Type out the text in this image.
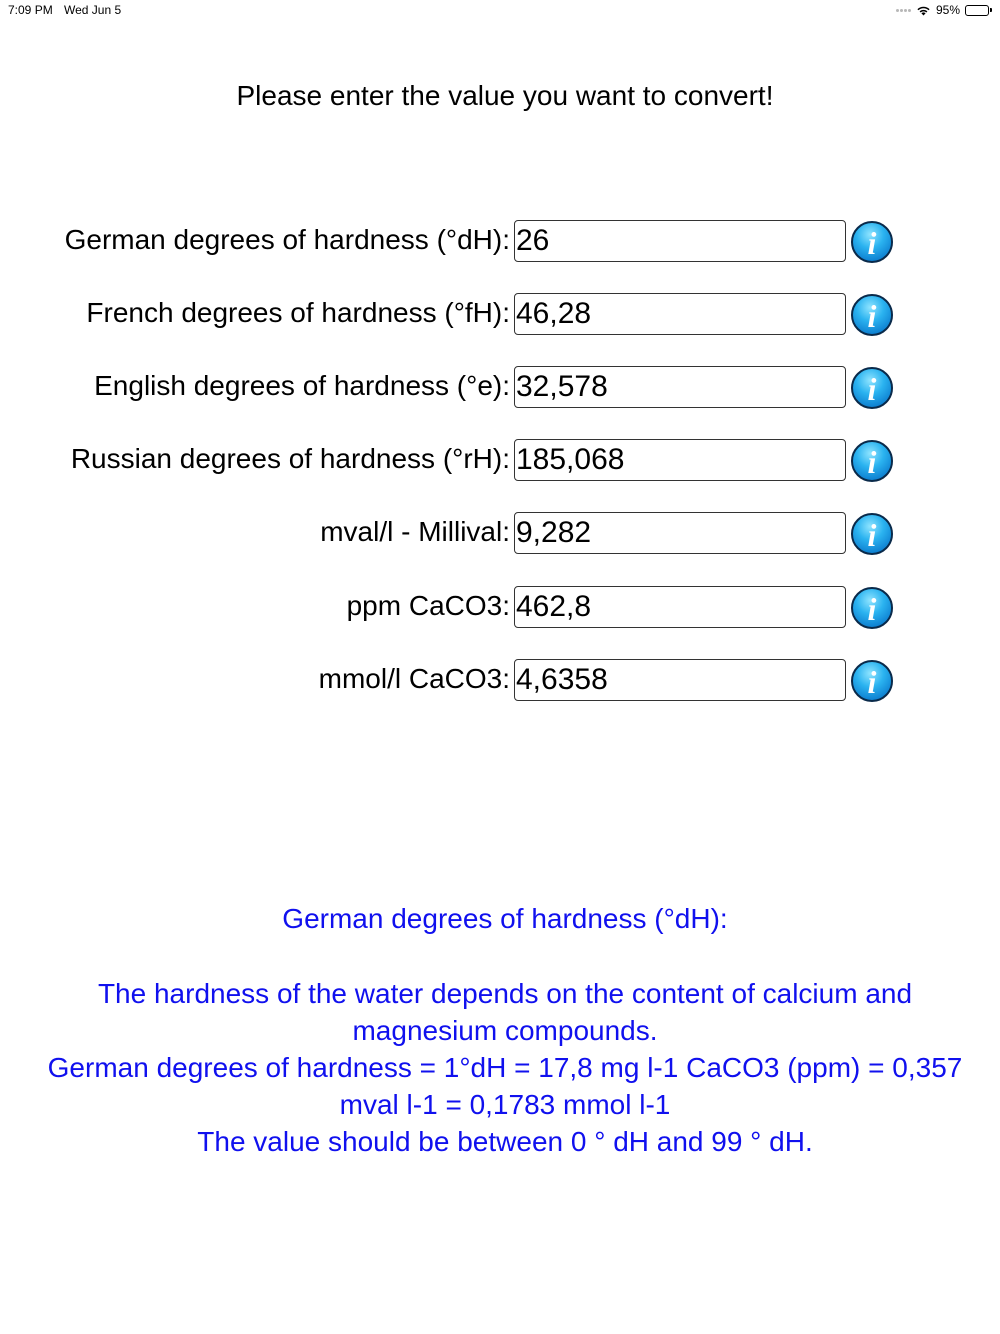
7:09 PM Wed Jun 5	95%
Please enter the value you want to convert!
German degrees of hardness (°dH):
26	i
French degrees of hardness (°fH):
46,28	i
English degrees of hardness (°e):
32,578	i
Russian degrees of hardness (°rH):
185,068	i
mval/l - Millival:
9,282	i
ppm CaCO3:
462,8	i
mmol/l CaCO3:
4,6358	i

German degrees of hardness (°dH):

The hardness of the water depends on the content of calcium and

magnesium compounds.

German degrees of hardness = 1°dH = 17,8 mg l-1 CaCO3 (ppm) = 0,357

mval l-1 = 0,1783 mmol l-1

The value should be between 0 ° dH and 99 ° dH.
